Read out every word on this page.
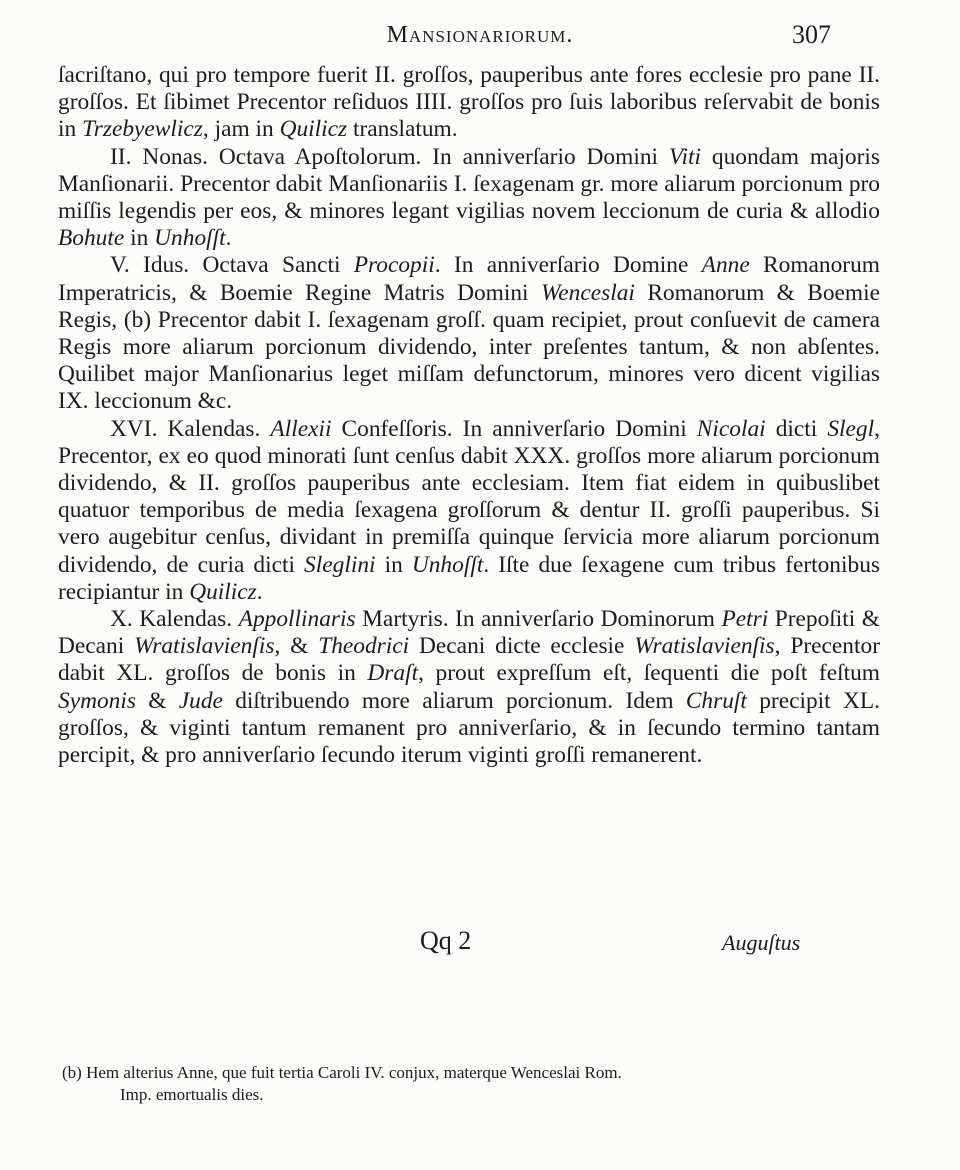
Mansionariorum.	307

ſacriſtano, qui pro tempore fuerit II. groſſos, pauperibus ante fores ecclesie pro pane II. groſſos. Et ſibimet Precentor reſiduos IIII. groſſos pro ſuis laboribus reſervabit de bonis in Trzebyewlicz, jam in Quilicz translatum.

II. Nonas. Octava Apoſtolorum. In anniverſario Domini Viti quondam majoris Manſionarii. Precentor dabit Manſionariis I. ſexagenam gr. more aliarum porcionum pro miſſis legendis per eos, & minores legant vigilias novem leccionum de curia & allodio Bohute in Unhoſſt.

V. Idus. Octava Sancti Procopii. In anniverſario Domine Anne Romanorum Imperatricis, & Boemie Regine Matris Domini Wenceslai Romanorum & Boemie Regis, (b) Precentor dabit I. ſexagenam groſſ. quam recipiet, prout conſuevit de camera Regis more aliarum porcionum dividendo, inter preſentes tantum, & non abſentes. Quilibet major Manſionarius leget miſſam defunctorum, minores vero dicent vigilias IX. leccionum &c.

XVI. Kalendas. Allexii Confeſſoris. In anniverſario Domini Nicolai dicti Slegl, Precentor, ex eo quod minorati ſunt cenſus dabit XXX. groſſos more aliarum porcionum dividendo, & II. groſſos pauperibus ante ecclesiam. Item fiat eidem in quibuslibet quatuor temporibus de media ſexagena groſſorum & dentur II. groſſi pauperibus. Si vero augebitur cenſus, dividant in premiſſa quinque ſervicia more aliarum porcionum dividendo, de curia dicti Sleglini in Unhoſſt. Iſte due ſexagene cum tribus fertonibus recipiantur in Quilicz.

X. Kalendas. Appollinaris Martyris. In anniverſario Dominorum Petri Prepoſiti & Decani Wratislavienſis, & Theodrici Decani dicte ecclesie Wratislavienſis, Precentor dabit XL. groſſos de bonis in Draſt, prout expreſſum eſt, ſequenti die poſt feſtum Symonis & Jude diſtribuendo more aliarum porcionum. Idem Chruſt precipit XL. groſſos, & viginti tantum remanent pro anniverſario, & in ſecundo termino tantam percipit, & pro anniverſario ſecundo iterum viginti groſſi remanerent.

Qq 2	Auguſtus

(b) Hem alterius Anne, que fuit tertia Caroli IV. conjux, materque Wenceslai Rom.

Imp. emortualis dies.
